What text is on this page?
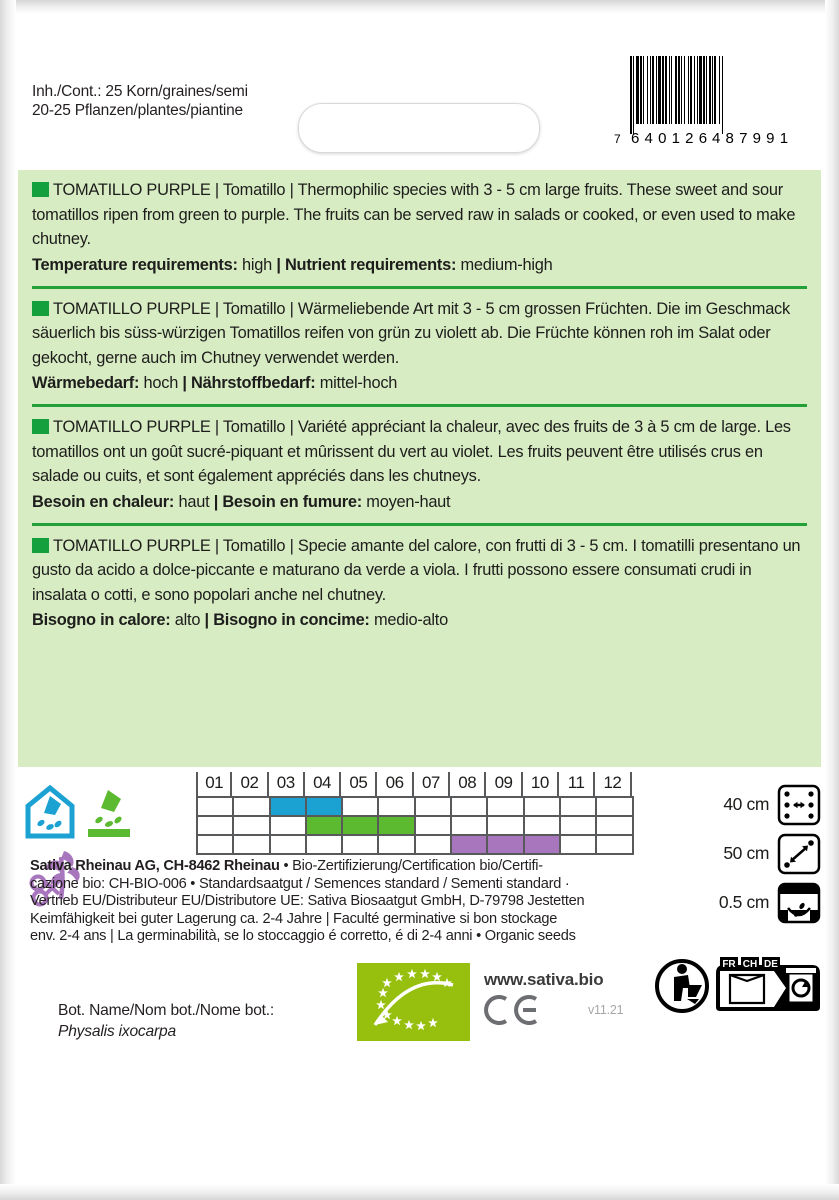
Inh./Cont.: 25 Korn/graines/semi
20-25 Pflanzen/plantes/piantine
7 640126 487991

TOMATILLO PURPLE | Tomatillo | Thermophilic species with 3 - 5 cm large fruits. These sweet and sour tomatillos ripen from green to purple. The fruits can be served raw in salads or cooked, or even used to make chutney.

Temperature requirements: high | Nutrient requirements: medium-high

TOMATILLO PURPLE | Tomatillo | Wärmeliebende Art mit 3 - 5 cm grossen Früchten. Die im Geschmack säuerlich bis süss-würzigen Tomatillos reifen von grün zu violett ab. Die Früchte können roh im Salat oder gekocht, gerne auch im Chutney verwendet werden.

Wärmebedarf: hoch | Nährstoffbedarf: mittel-hoch

TOMATILLO PURPLE | Tomatillo | Variété appréciant la chaleur, avec des fruits de 3 à 5 cm de large. Les tomatillos ont un goût sucré-piquant et mûrissent du vert au violet. Les fruits peuvent être utilisés crus en salade ou cuits, et sont également appréciés dans les chutneys.

Besoin en chaleur: haut | Besoin en fumure: moyen-haut

TOMATILLO PURPLE | Tomatillo | Specie amante del calore, con frutti di 3 - 5 cm. I tomatilli presentano un gusto da acido a dolce-piccante e maturano da verde a viola. I frutti possono essere consumati crudi in insalata o cotti, e sono popolari anche nel chutney.

Bisogno in calore: alto | Bisogno in concime: medio-alto

01	02	03	04	05	06	07	08	09	10	11	12
40 cm
50 cm
0.5 cm
Sativa Rheinau AG, CH-8462 Rheinau • Bio-Zertifizierung/Certification bio/Certifi-
cazione bio: CH-BIO-006 • Standardsaatgut / Semences standard / Sementi standard ·
Vertrieb EU/Distributeur EU/Distributore UE: Sativa Biosaatgut GmbH, D-79798 Jestetten
Keimfähigkeit bei guter Lagerung ca. 2-4 Jahre | Faculté germinative si bon stockage
env. 2-4 ans | La germinabilità, se lo stoccaggio é corretto, é di 2-4 anni • Organic seeds
Bot. Name/Nom bot./Nome bot.:
Physalis ixocarpa
www.sativa.bio
v11.21
FR CH DE
